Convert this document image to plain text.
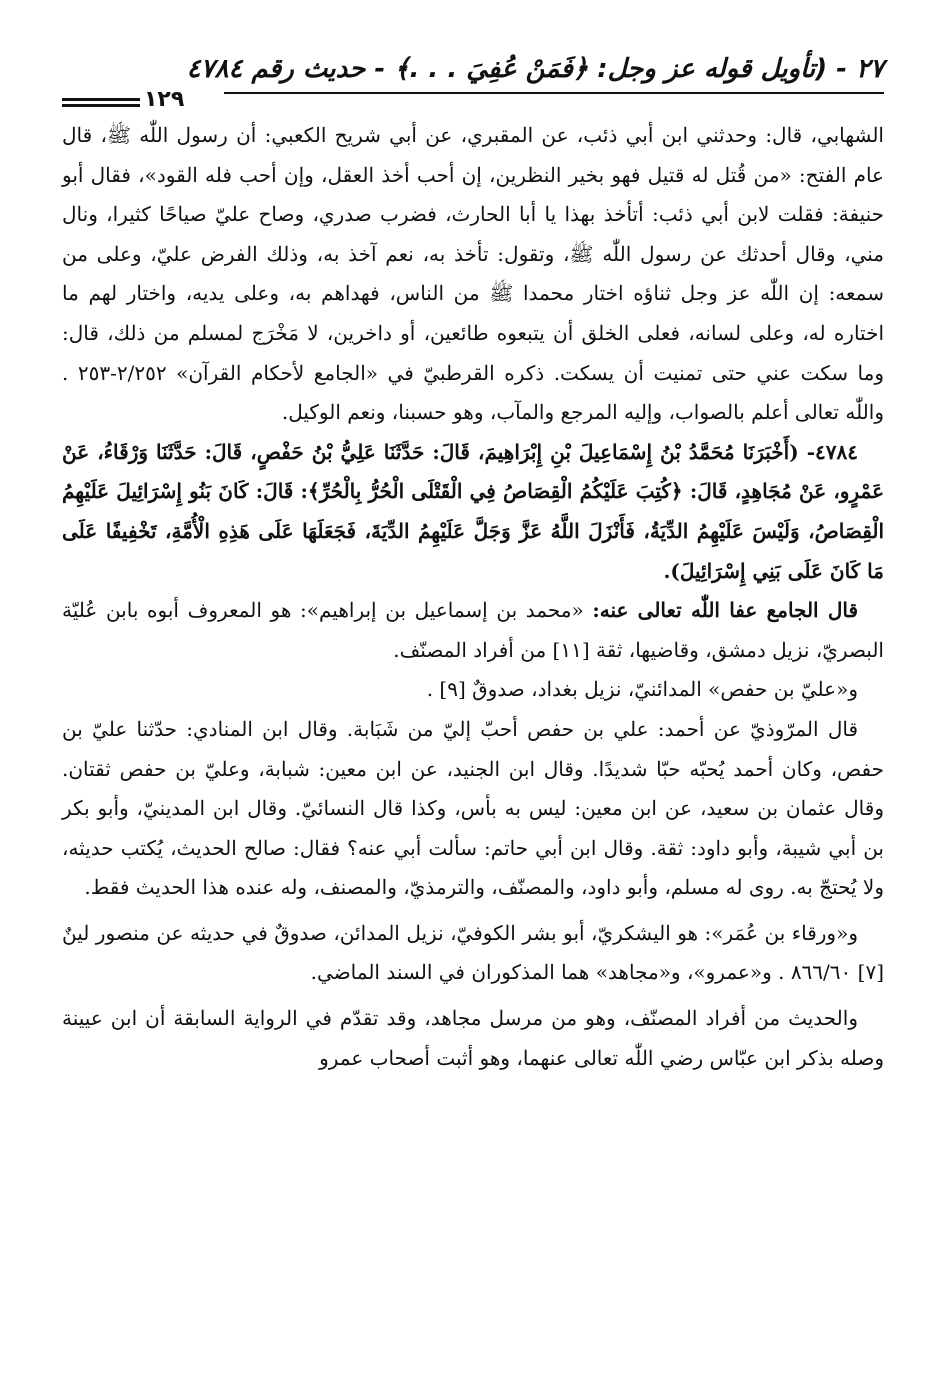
٢٧ - (تأويل قوله عز وجل: ﴿فَمَنْ عُفِيَ . . .﴾ - حديث رقم ٤٧٨٤
١٢٩

الشهابي، قال: وحدثني ابن أبي ذئب، عن المقبري، عن أبي شريح الكعبي: أن رسول اللّٰه ﷺ، قال عام الفتح: «من قُتل له قتيل فهو بخير النظرين، إن أحب أخذ العقل، وإن أحب فله القود»، فقال أبو حنيفة: فقلت لابن أبي ذئب: أتأخذ بهذا يا أبا الحارث، فضرب صدري، وصاح عليّ صياحًا كثيرا، ونال مني، وقال أحدثك عن رسول اللّٰه ﷺ، وتقول: تأخذ به، نعم آخذ به، وذلك الفرض عليّ، وعلى من سمعه: إن اللّٰه عز وجل ثناؤه اختار محمدا ﷺ من الناس، فهداهم به، وعلى يديه، واختار لهم ما اختاره له، وعلى لسانه، فعلى الخلق أن يتبعوه طائعين، أو داخرين، لا مَخْرَج لمسلم من ذلك، قال: وما سكت عني حتى تمنيت أن يسكت. ذكره القرطبيّ في «الجامع لأحكام القرآن» ٢/٢٥٢-٢٥٣ . واللّٰه تعالى أعلم بالصواب، وإليه المرجع والمآب، وهو حسبنا، ونعم الوكيل.

٤٧٨٤- (أَخْبَرَنَا مُحَمَّدُ بْنُ إِسْمَاعِيلَ بْنِ إِبْرَاهِيمَ، قَالَ: حَدَّثَنَا عَلِيُّ بْنُ حَفْصٍ، قَالَ: حَدَّثَنَا وَرْقَاءُ، عَنْ عَمْرٍو، عَنْ مُجَاهِدٍ، قَالَ: ﴿كُتِبَ عَلَيْكُمُ الْقِصَاصُ فِي الْقَتْلَى الْحُرُّ بِالْحُرِّ﴾: قَالَ: كَانَ بَنُو إِسْرَائِيلَ عَلَيْهِمُ الْقِصَاصُ، وَلَيْسَ عَلَيْهِمُ الدِّيَةُ، فَأَنْزَلَ اللَّهُ عَزَّ وَجَلَّ عَلَيْهِمُ الدِّيَةَ، فَجَعَلَهَا عَلَى هَذِهِ الْأُمَّةِ، تَخْفِيفًا عَلَى مَا كَانَ عَلَى بَنِي إِسْرَائِيلَ).

قال الجامع عفا اللّٰه تعالى عنه: «محمد بن إسماعيل بن إبراهيم»: هو المعروف أبوه بابن عُليّة البصريّ، نزيل دمشق، وقاضيها، ثقة [١١] من أفراد المصنّف.

و«عليّ بن حفص» المدائنيّ، نزيل بغداد، صدوقٌ [٩] .

قال المرّوذيّ عن أحمد: علي بن حفص أحبّ إليّ من شَبَابة. وقال ابن المنادي: حدّثنا عليّ بن حفص، وكان أحمد يُحبّه حبّا شديدًا. وقال ابن الجنيد، عن ابن معين: شبابة، وعليّ بن حفص ثقتان. وقال عثمان بن سعيد، عن ابن معين: ليس به بأس، وكذا قال النسائيّ. وقال ابن المدينيّ، وأبو بكر بن أبي شيبة، وأبو داود: ثقة. وقال ابن أبي حاتم: سألت أبي عنه؟ فقال: صالح الحديث، يُكتب حديثه، ولا يُحتجّ به. روى له مسلم، وأبو داود، والمصنّف، والترمذيّ، والمصنف، وله عنده هذا الحديث فقط.

و«ورقاء بن عُمَر»: هو اليشكريّ، أبو بشر الكوفيّ، نزيل المدائن، صدوقٌ في حديثه عن منصور لينٌ [٧] ٨٦٦/٦٠ . و«عمرو»، و«مجاهد» هما المذكوران في السند الماضي.

والحديث من أفراد المصنّف، وهو من مرسل مجاهد، وقد تقدّم في الرواية السابقة أن ابن عيينة وصله بذكر ابن عبّاس رضي اللّٰه تعالى عنهما، وهو أثبت أصحاب عمرو
